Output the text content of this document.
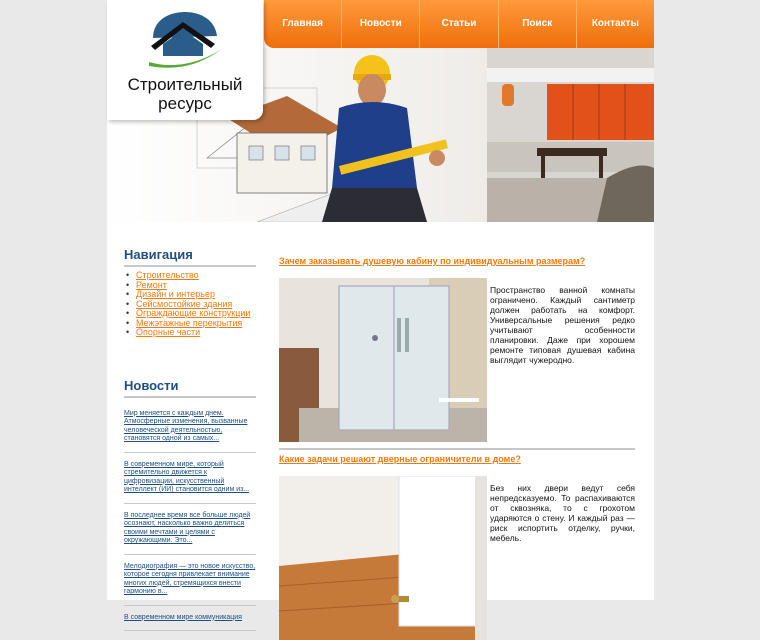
Строительный
ресурс
Главная	Новости	Статьи	Поиск	Контакты
Навигация
• Строительство
• Ремонт
• Дизайн и интерьер
• Сейсмостойкие здания
• Ограждающие конструкции
• Межэтажные перекрытия
• Опорные части
Новости
Мир меняется с каждым днем. Атмосферные изменения, вызванные человеческой деятельностью, становятся одной из самых...
В современном мире, который стремительно движется к цифровизации, искусственный интеллект (ИИ) становится одним из...
В последнее время все больше людей осознают, насколько важно делиться своими мечтами и целями с окружающими. Это...
Мелодиография — это новое искусство, которое сегодня привлекает внимание многих людей, стремящихся внести гармонию в...
В современном мире коммуникация
Зачем заказывать душевую кабину по индивидуальным размерам?
Пространство ванной комнаты ограничено. Каждый сантиметр должен работать на комфорт. Универсальные решения редко учитывают особенности планировки. Даже при хорошем ремонте типовая душевая кабина выглядит чужеродно.
Какие задачи решают дверные ограничители в доме?
Без них двери ведут себя непредсказуемо. То распахиваются от сквозняка, то с грохотом ударяются о стену. И каждый раз — риск испортить отделку, ручки, мебель.
